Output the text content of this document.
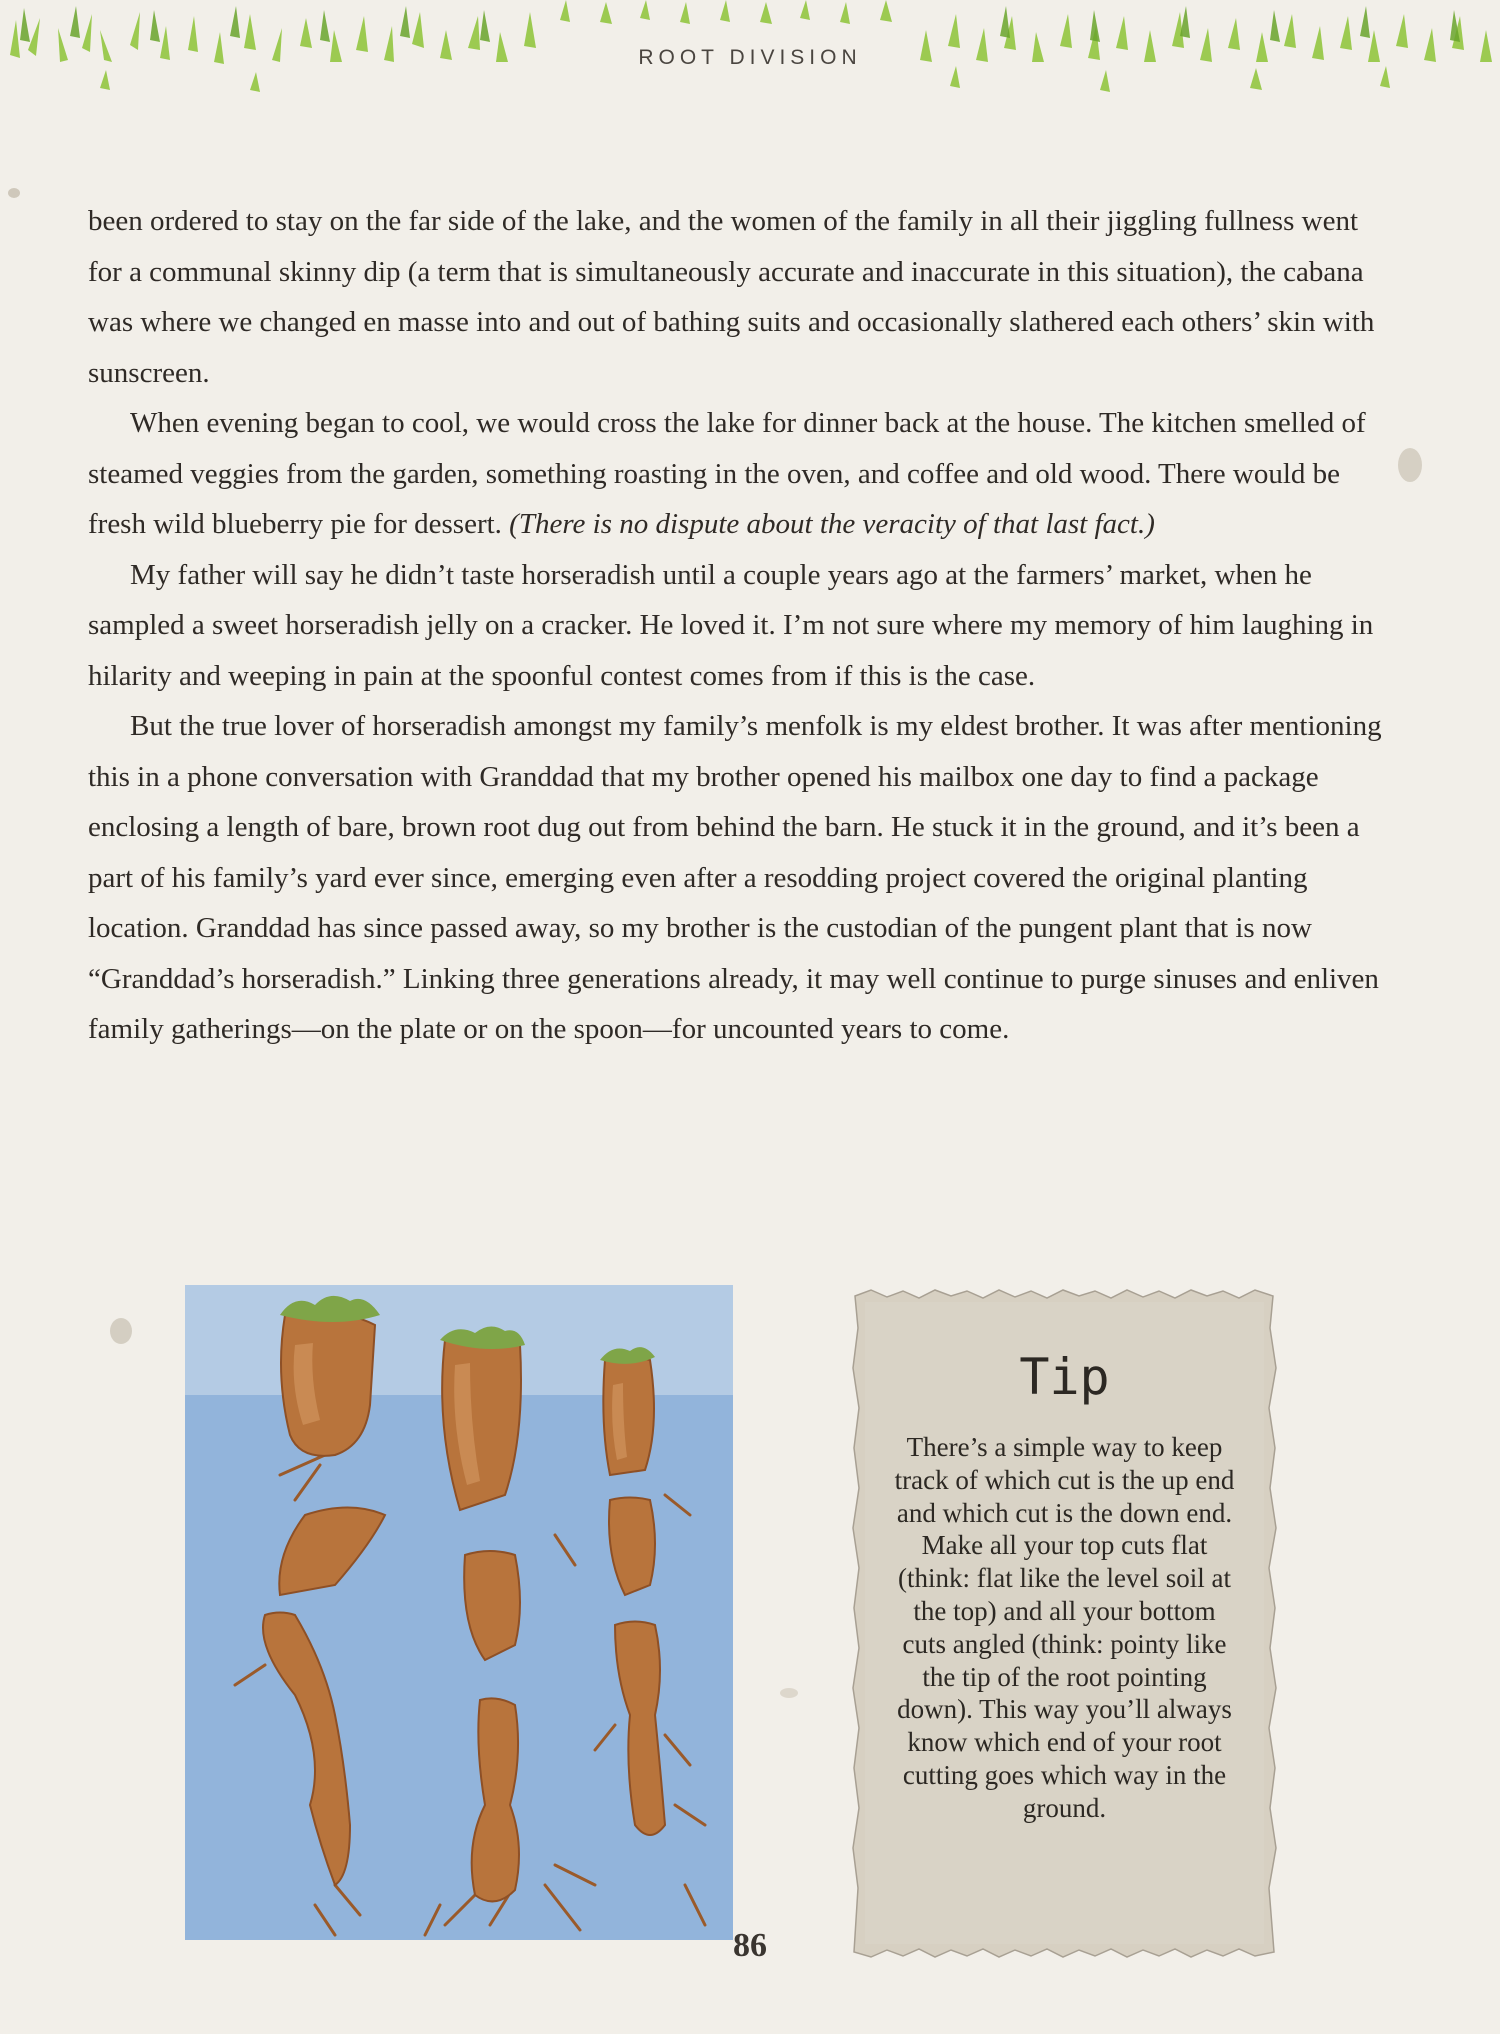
ROOT DIVISION

been ordered to stay on the far side of the lake, and the women of the family in all their jiggling fullness went for a communal skinny dip (a term that is simultaneously accurate and inaccurate in this situation), the cabana was where we changed en masse into and out of bathing suits and occasionally slathered each others’ skin with sunscreen.

When evening began to cool, we would cross the lake for dinner back at the house. The kitchen smelled of steamed veggies from the garden, something roasting in the oven, and coffee and old wood. There would be fresh wild blueberry pie for dessert. (There is no dispute about the veracity of that last fact.)

My father will say he didn’t taste horseradish until a couple years ago at the farmers’ market, when he sampled a sweet horseradish jelly on a cracker. He loved it. I’m not sure where my memory of him laughing in hilarity and weeping in pain at the spoonful contest comes from if this is the case.

But the true lover of horseradish amongst my family’s menfolk is my eldest brother. It was after mentioning this in a phone conversation with Granddad that my brother opened his mailbox one day to find a package enclosing a length of bare, brown root dug out from behind the barn. He stuck it in the ground, and it’s been a part of his family’s yard ever since, emerging even after a resodding project covered the original planting location. Granddad has since passed away, so my brother is the custodian of the pungent plant that is now “Granddad’s horseradish.” Linking three generations already, it may well continue to purge sinuses and enliven family gatherings—on the plate or on the spoon—for uncounted years to come.

Tip
There’s a simple way to keep track of which cut is the up end and which cut is the down end. Make all your top cuts flat (think: flat like the level soil at the top) and all your bottom cuts angled (think: pointy like the tip of the root pointing down). This way you’ll always know which end of your root cutting goes which way in the ground.
86
